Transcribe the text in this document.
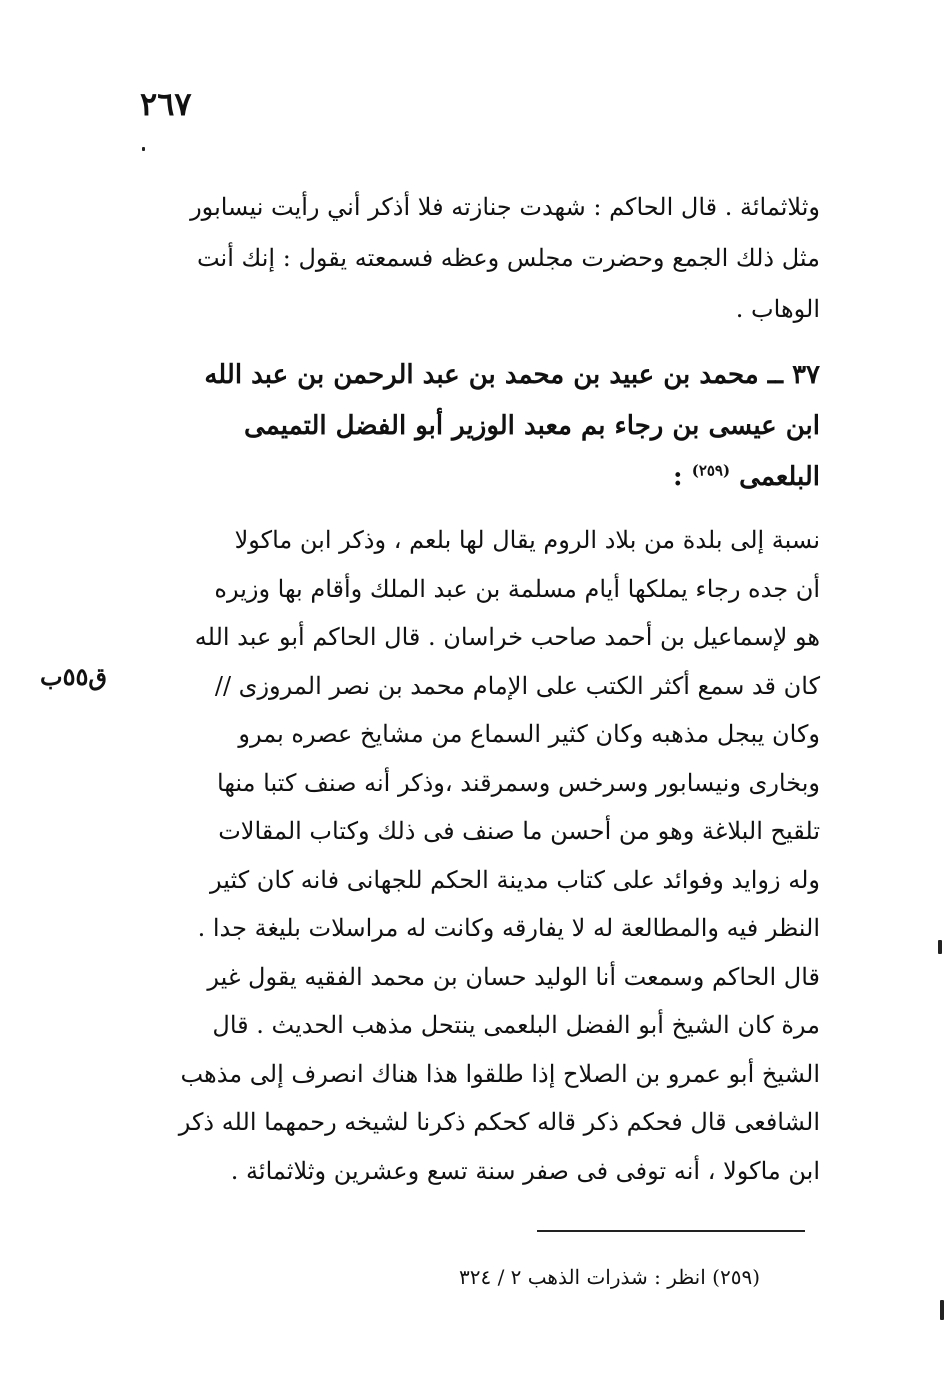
٢٦٧

وثلاثمائة . قال الحاكم : شهدت جنازته فلا أذكر أني رأيت نيسابور

مثل ذلك الجمع وحضرت مجلس وعظه فسمعته يقول : إنك أنت

الوهاب .

٣٧ ــ محمد بن عبيد بن محمد بن عبد الرحمن بن عبد الله

ابن عيسى بن رجاء بم معبد الوزير أبو الفضل التميمى

البلعمى $^{(٢٥٩)}$ :

ق٥٥ب

نسبة إلى بلدة من بلاد الروم يقال لها بلعم ، وذكر ابن ماكولا

أن جده رجاء يملكها أيام مسلمة بن عبد الملك وأقام بها وزيره

هو لإسماعيل بن أحمد صاحب خراسان . قال الحاكم أبو عبد الله

كان قد سمع أكثر الكتب على الإمام محمد بن نصر المروزى //

وكان يبجل مذهبه وكان كثير السماع من مشايخ عصره بمرو

وبخارى ونيسابور وسرخس وسمرقند ،وذكر أنه صنف كتبا منها

تلقيح البلاغة وهو من أحسن ما صنف فى ذلك وكتاب المقالات

وله زوايد وفوائد على كتاب مدينة الحكم للجهانى فانه كان كثير

النظر فيه والمطالعة له لا يفارقه وكانت له مراسلات بليغة جدا .

قال الحاكم وسمعت أنا الوليد حسان بن محمد الفقيه يقول غير

مرة كان الشيخ أبو الفضل البلعمى ينتحل مذهب الحديث . قال

الشيخ أبو عمرو بن الصلاح إذا طلقوا هذا هناك انصرف إلى مذهب

الشافعى قال فحكم ذكر قاله كحكم ذكرنا لشيخه رحمهما الله ذكر

ابن ماكولا ، أنه توفى فى صفر سنة تسع وعشرين وثلاثمائة .

(٢٥٩) انظر : شذرات الذهب ٢ / ٣٢٤
